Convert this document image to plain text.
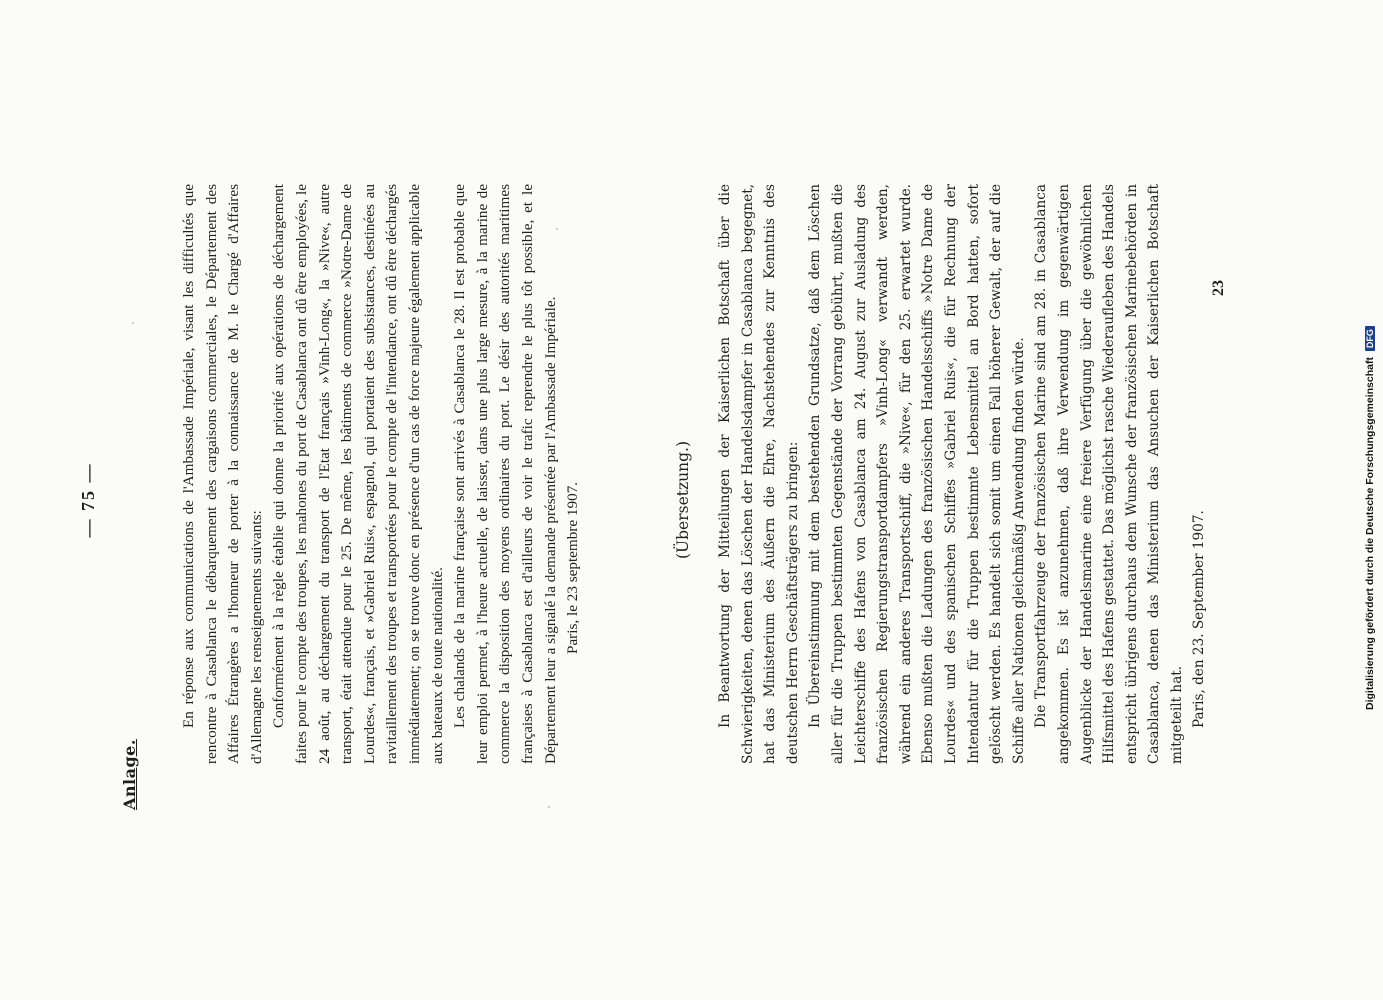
Anlage.
— 75 —	En réponse aux communications de l'Ambassade Impériale, visant les difficultés que rencontre à Casablanca le débarquement des cargaisons commerciales, le Département des Affaires Étrangères a l'honneur de porter à la connaissance de M. le Chargé d'Affaires d'Allemagne les renseignements suivants: Conformément à la règle établie qui donne la priorité aux opérations de déchargement faites pour le compte des troupes, les mahones du port de Casablanca ont dû être employées, le 24 août, au déchargement du transport de l'Etat français »Vinh-Long«, la »Nive«, autre transport, était attendue pour le 25. De même, les bâtiments de commerce »Notre-Dame de Lourdes«, français, et »Gabriel Ruis«, espagnol, qui portaient des subsistances, destinées au ravitaillement des troupes et transportées pour le compte de l'intendance, ont dû être déchargés immédiatement; on se trouve donc en présence d'un cas de force majeure également applicable aux bateaux de toute nationalité. Les chalands de la marine française sont arrivés à Casablanca le 28. Il est probable que leur emploi permet, à l'heure actuelle, de laisser, dans une plus large mesure, à la marine de commerce la disposition des moyens ordinaires du port. Le désir des autorités maritimes françaises à Casablanca est d'ailleurs de voir le trafic reprendre le plus tôt possible, et le Département leur a signalé la demande présentée par l'Ambassade Impériale. Paris, le 23 septembre 1907.	(Übersetzung.) In Beantwortung der Mitteilungen der Kaiserlichen Botschaft über die Schwierigkeiten, denen das Löschen der Handelsdampfer in Casablanca begegnet, hat das Ministerium des Äußern die Ehre, Nachstehendes zur Kenntnis des deutschen Herrn Geschäftsträgers zu bringen: In Übereinstimmung mit dem bestehenden Grundsatze, daß dem Löschen aller für die Truppen bestimmten Gegenstände der Vorrang gebührt, mußten die Leichterschiffe des Hafens von Casablanca am 24. August zur Ausladung des französischen Regierungstransportdampfers »Vinh-Long« verwandt werden, während ein anderes Transportschiff, die »Nive«, für den 25. erwartet wurde. Ebenso mußten die Ladungen des französischen Handelsschiffs »Notre Dame de Lourdes« und des spanischen Schiffes »Gabriel Ruis«, die für Rechnung der Intendantur für die Truppen bestimmte Lebensmittel an Bord hatten, sofort gelöscht werden. Es handelt sich somit um einen Fall höherer Gewalt, der auf die Schiffe aller Nationen gleichmäßig Anwendung finden würde. Die Transportfahrzeuge der französischen Marine sind am 28. in Casablanca angekommen. Es ist anzunehmen, daß ihre Verwendung im gegenwärtigen Augenblicke der Handelsmarine eine freiere Verfügung über die gewöhnlichen Hilfsmittel des Hafens gestattet. Das möglichst rasche Wiederaufleben des Handels entspricht übrigens durchaus dem Wunsche der französischen Marinebehörden in Casablanca, denen das Ministerium das Ansuchen der Kaiserlichen Botschaft mitgeteilt hat. Paris, den 23. September 1907.

23
Digitalisierung gefördert durch die Deutsche Forschungsgemeinschaft DFG
